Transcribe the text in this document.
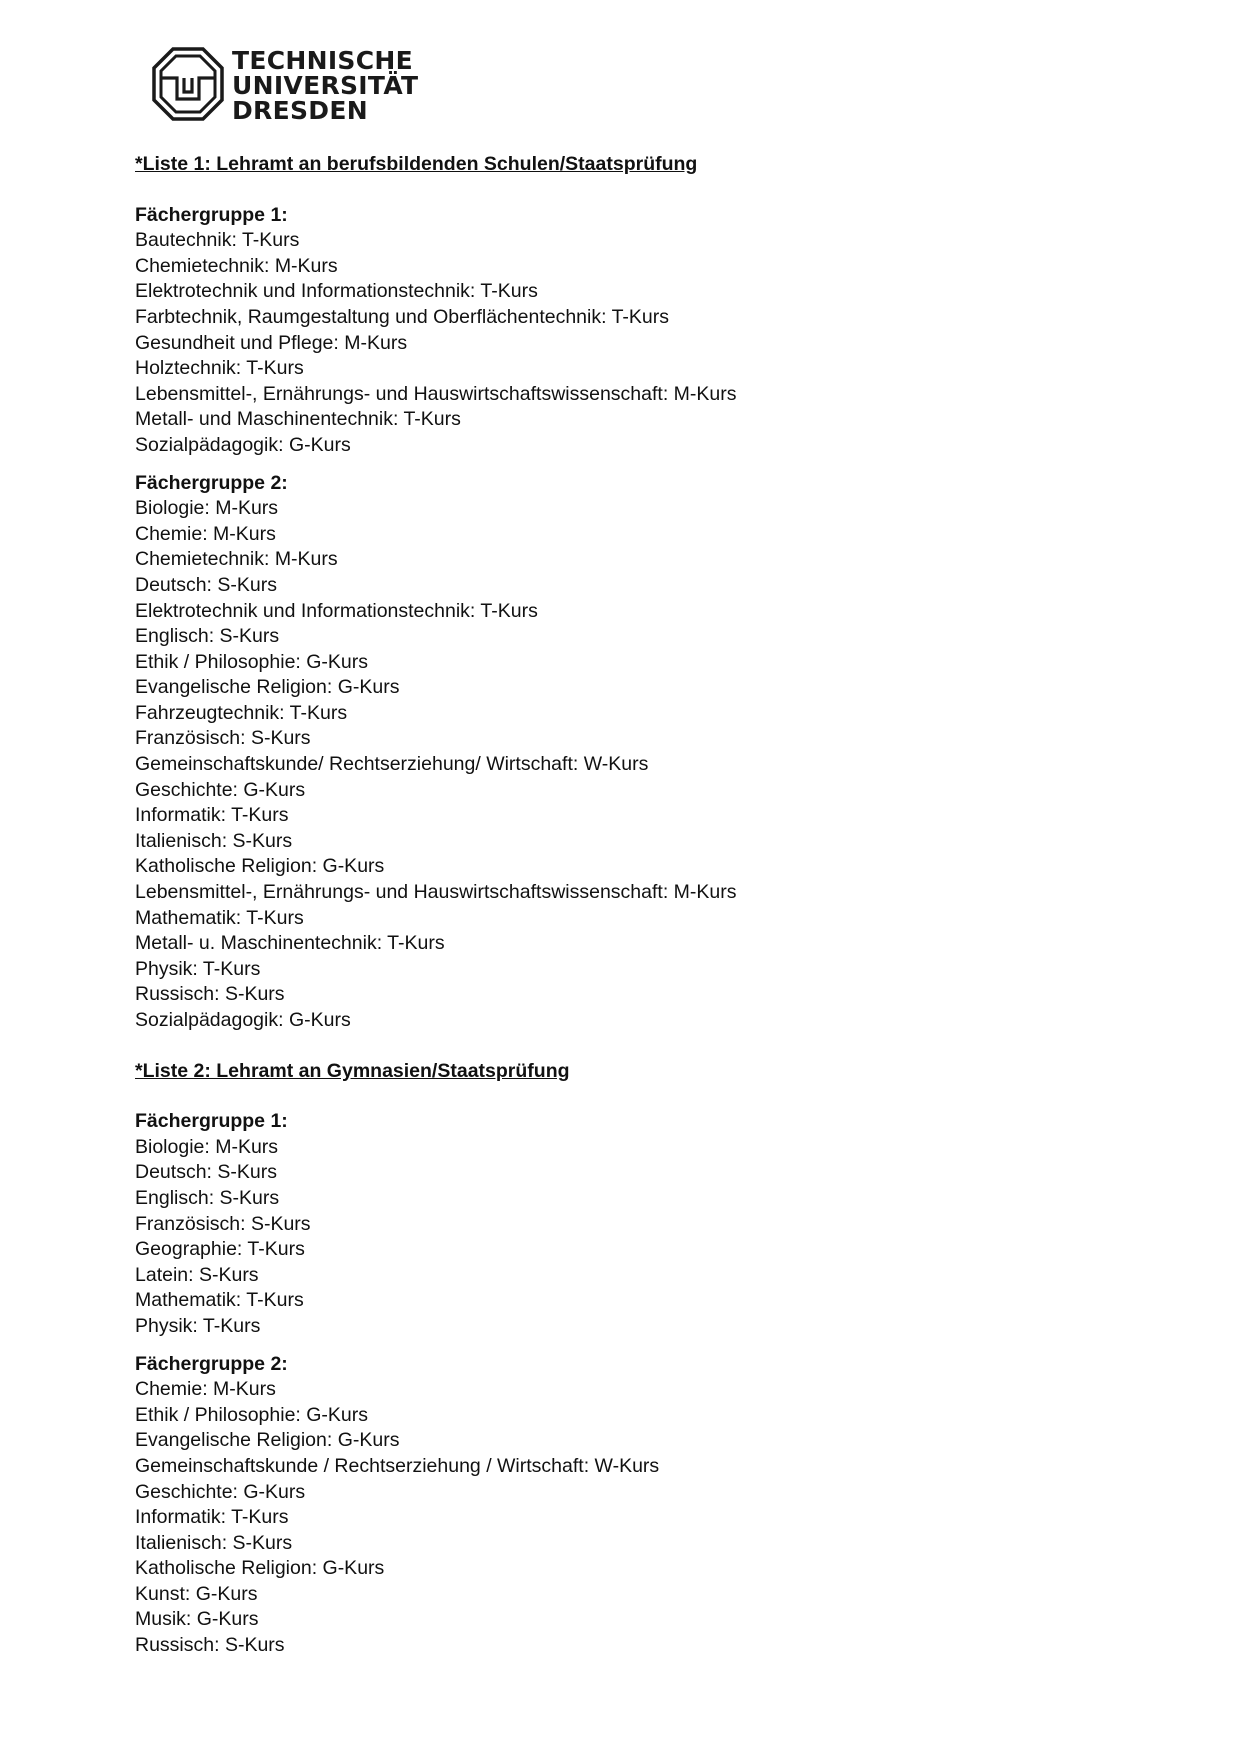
TECHNISCHE
UNIVERSITÄT
DRESDEN
*Liste 1: Lehramt an berufsbildenden Schulen/Staatsprüfung
Fächergruppe 1:
Bautechnik: T-Kurs
Chemietechnik: M-Kurs
Elektrotechnik und Informationstechnik: T-Kurs
Farbtechnik, Raumgestaltung und Oberflächentechnik: T-Kurs
Gesundheit und Pflege: M-Kurs
Holztechnik: T-Kurs
Lebensmittel-, Ernährungs- und Hauswirtschaftswissenschaft: M-Kurs
Metall- und Maschinentechnik: T-Kurs
Sozialpädagogik: G-Kurs
Fächergruppe 2:
Biologie: M-Kurs
Chemie: M-Kurs
Chemietechnik: M-Kurs
Deutsch: S-Kurs
Elektrotechnik und Informationstechnik: T-Kurs
Englisch: S-Kurs
Ethik / Philosophie: G-Kurs
Evangelische Religion: G-Kurs
Fahrzeugtechnik: T-Kurs
Französisch: S-Kurs
Gemeinschaftskunde/ Rechtserziehung/ Wirtschaft: W-Kurs
Geschichte: G-Kurs
Informatik: T-Kurs
Italienisch: S-Kurs
Katholische Religion: G-Kurs
Lebensmittel-, Ernährungs- und Hauswirtschaftswissenschaft: M-Kurs
Mathematik: T-Kurs
Metall- u. Maschinentechnik: T-Kurs
Physik: T-Kurs
Russisch: S-Kurs
Sozialpädagogik: G-Kurs
*Liste 2: Lehramt an Gymnasien/Staatsprüfung
Fächergruppe 1:
Biologie: M-Kurs
Deutsch: S-Kurs
Englisch: S-Kurs
Französisch: S-Kurs
Geographie: T-Kurs
Latein: S-Kurs
Mathematik: T-Kurs
Physik: T-Kurs
Fächergruppe 2:
Chemie: M-Kurs
Ethik / Philosophie: G-Kurs
Evangelische Religion: G-Kurs
Gemeinschaftskunde / Rechtserziehung / Wirtschaft: W-Kurs
Geschichte: G-Kurs
Informatik: T-Kurs
Italienisch: S-Kurs
Katholische Religion: G-Kurs
Kunst: G-Kurs
Musik: G-Kurs
Russisch: S-Kurs
